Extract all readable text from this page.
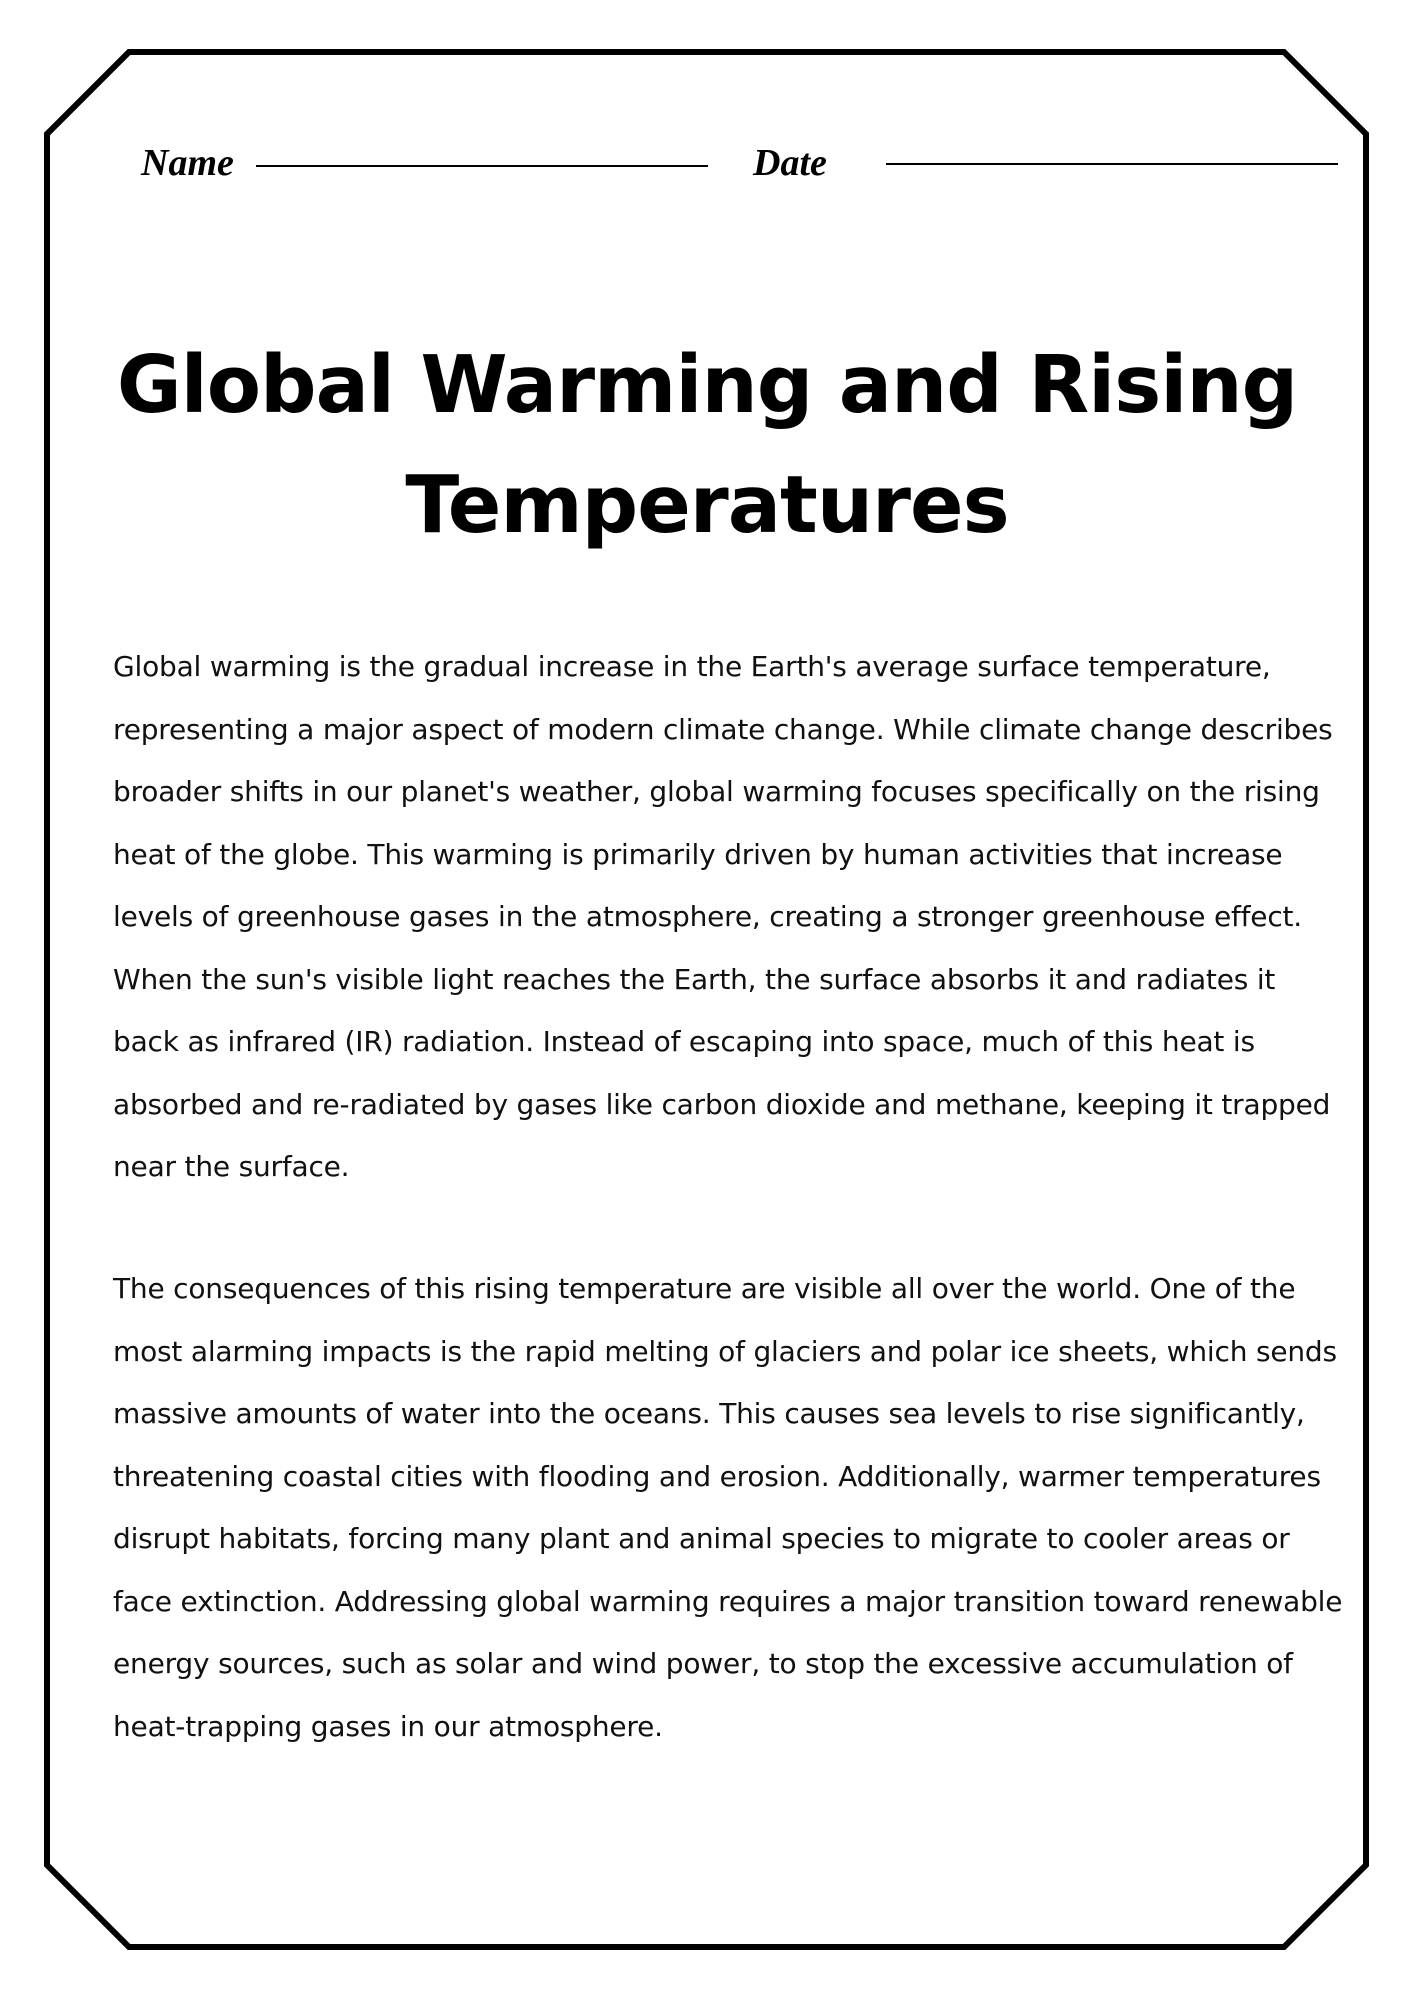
Name	Date
Global Warming and Rising
Temperatures

Global warming is the gradual increase in the Earth's average surface temperature, representing a major aspect of modern climate change. While climate change describes broader shifts in our planet's weather, global warming focuses specifically on the rising heat of the globe. This warming is primarily driven by human activities that increase levels of greenhouse gases in the atmosphere, creating a stronger greenhouse effect. When the sun's visible light reaches the Earth, the surface absorbs it and radiates it back as infrared (IR) radiation. Instead of escaping into space, much of this heat is absorbed and re-radiated by gases like carbon dioxide and methane, keeping it trapped near the surface.

The consequences of this rising temperature are visible all over the world. One of the most alarming impacts is the rapid melting of glaciers and polar ice sheets, which sends massive amounts of water into the oceans. This causes sea levels to rise significantly, threatening coastal cities with flooding and erosion. Additionally, warmer temperatures disrupt habitats, forcing many plant and animal species to migrate to cooler areas or face extinction. Addressing global warming requires a major transition toward renewable energy sources, such as solar and wind power, to stop the excessive accumulation of heat-trapping gases in our atmosphere.
